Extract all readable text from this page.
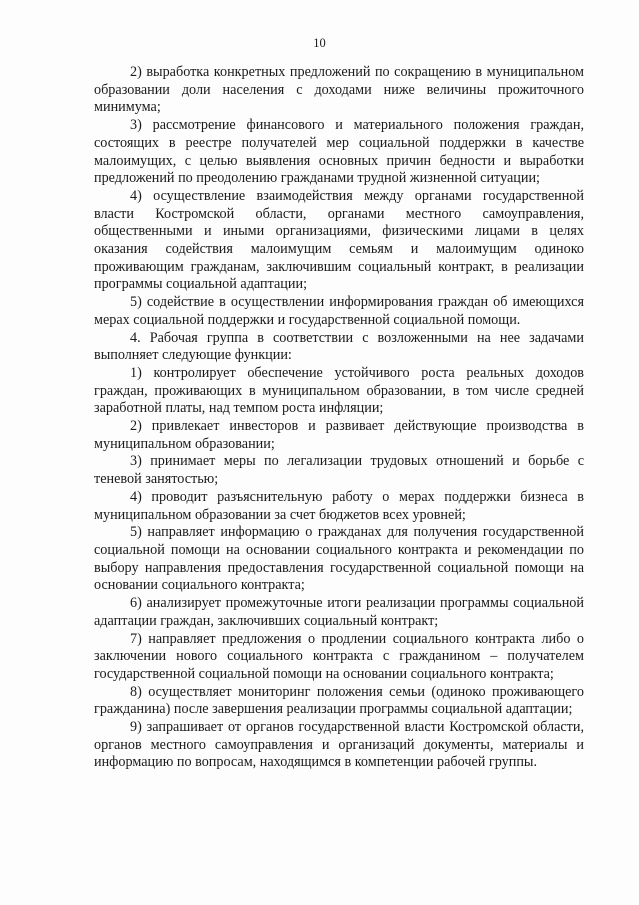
10

2) выработка конкретных предложений по сокращению в муниципальном образовании доли населения с доходами ниже величины прожиточного минимума;

3) рассмотрение финансового и материального положения граждан, состоящих в реестре получателей мер социальной поддержки в качестве малоимущих, с целью выявления основных причин бедности и выработки предложений по преодолению гражданами трудной жизненной ситуации;

4) осуществление взаимодействия между органами государственной власти Костромской области, органами местного самоуправления, общественными и иными организациями, физическими лицами в целях оказания содействия малоимущим семьям и малоимущим одиноко проживающим гражданам, заключившим социальный контракт, в реализации программы социальной адаптации;

5) содействие в осуществлении информирования граждан об имеющихся мерах социальной поддержки и государственной социальной помощи.

4. Рабочая группа в соответствии с возложенными на нее задачами выполняет следующие функции:

1) контролирует обеспечение устойчивого роста реальных доходов граждан, проживающих в муниципальном образовании, в том числе средней заработной платы, над темпом роста инфляции;

2) привлекает инвесторов и развивает действующие производства в муниципальном образовании;

3) принимает меры по легализации трудовых отношений и борьбе с теневой занятостью;

4) проводит разъяснительную работу о мерах поддержки бизнеса в муниципальном образовании за счет бюджетов всех уровней;

5) направляет информацию о гражданах для получения государственной социальной помощи на основании социального контракта и рекомендации по выбору направления предоставления государственной социальной помощи на основании социального контракта;

6) анализирует промежуточные итоги реализации программы социальной адаптации граждан, заключивших социальный контракт;

7) направляет предложения о продлении социального контракта либо о заключении нового социального контракта с гражданином – получателем государственной социальной помощи на основании социального контракта;

8) осуществляет мониторинг положения семьи (одиноко проживающего гражданина) после завершения реализации программы социальной адаптации;

9) запрашивает от органов государственной власти Костромской области, органов местного самоуправления и организаций документы, материалы и информацию по вопросам, находящимся в компетенции рабочей группы.
